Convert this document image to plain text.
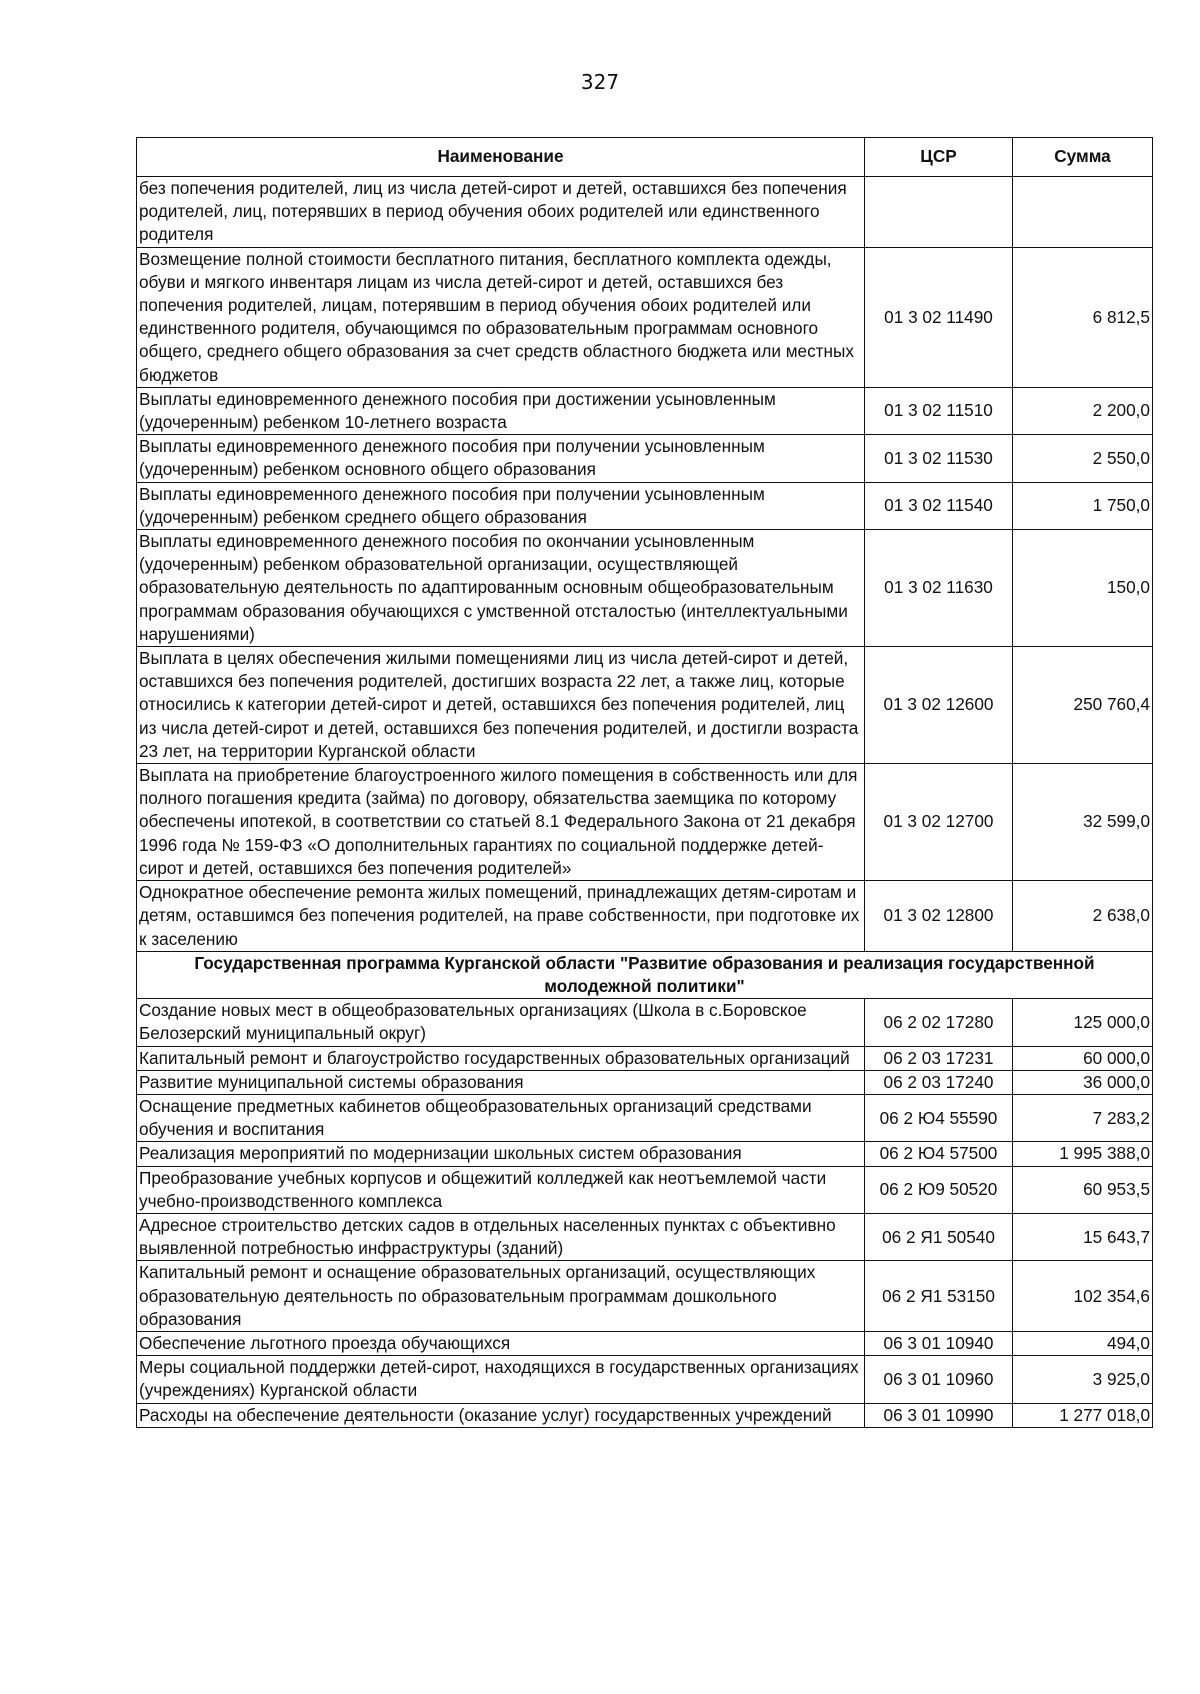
327
Наименование	ЦСР	Сумма
без попечения родителей, лиц из числа детей-сирот и детей, оставшихся без попечения родителей, лиц, потерявших в период обучения обоих родителей или единственного родителя		
Возмещение полной стоимости бесплатного питания, бесплатного комплекта одежды, обуви и мягкого инвентаря лицам из числа детей-сирот и детей, оставшихся без попечения родителей, лицам, потерявшим в период обучения обоих родителей или единственного родителя, обучающимся по образовательным программам основного общего, среднего общего образования за счет средств областного бюджета или местных бюджетов	01 3 02 11490	6 812,5
Выплаты единовременного денежного пособия при достижении усыновленным (удочеренным) ребенком 10-летнего возраста	01 3 02 11510	2 200,0
Выплаты единовременного денежного пособия при получении усыновленным (удочеренным) ребенком основного общего образования	01 3 02 11530	2 550,0
Выплаты единовременного денежного пособия при получении усыновленным (удочеренным) ребенком среднего общего образования	01 3 02 11540	1 750,0
Выплаты единовременного денежного пособия по окончании усыновленным (удочеренным) ребенком образовательной организации, осуществляющей образовательную деятельность по адаптированным основным общеобразовательным программам образования обучающихся с умственной отсталостью (интеллектуальными нарушениями)	01 3 02 11630	150,0
Выплата в целях обеспечения жилыми помещениями лиц из числа детей-сирот и детей, оставшихся без попечения родителей, достигших возраста 22 лет, а также лиц, которые относились к категории детей-сирот и детей, оставшихся без попечения родителей, лиц из числа детей-сирот и детей, оставшихся без попечения родителей, и достигли возраста 23 лет, на территории Курганской области	01 3 02 12600	250 760,4
Выплата на приобретение благоустроенного жилого помещения в собственность или для полного погашения кредита (займа) по договору, обязательства заемщика по которому обеспечены ипотекой, в соответствии со статьей 8.1 Федерального Закона от 21 декабря 1996 года № 159-ФЗ «О дополнительных гарантиях по социальной поддержке детей-сирот и детей, оставшихся без попечения родителей»	01 3 02 12700	32 599,0
Однократное обеспечение ремонта жилых помещений, принадлежащих детям-сиротам и детям, оставшимся без попечения родителей, на праве собственности, при подготовке их к заселению	01 3 02 12800	2 638,0
Государственная программа Курганской области "Развитие образования и реализация государственной молодежной политики"		
Создание новых мест в общеобразовательных организациях (Школа в с.Боровское Белозерский муниципальный округ)	06 2 02 17280	125 000,0
Капитальный ремонт и благоустройство государственных образовательных организаций	06 2 03 17231	60 000,0
Развитие муниципальной системы образования	06 2 03 17240	36 000,0
Оснащение предметных кабинетов общеобразовательных организаций средствами обучения и воспитания	06 2 Ю4 55590	7 283,2
Реализация мероприятий по модернизации школьных систем образования	06 2 Ю4 57500	1 995 388,0
Преобразование учебных корпусов и общежитий колледжей как неотъемлемой части учебно-производственного комплекса	06 2 Ю9 50520	60 953,5
Адресное строительство детских садов в отдельных населенных пунктах с объективно выявленной потребностью инфраструктуры (зданий)	06 2 Я1 50540	15 643,7
Капитальный ремонт и оснащение образовательных организаций, осуществляющих образовательную деятельность по образовательным программам дошкольного образования	06 2 Я1 53150	102 354,6
Обеспечение льготного проезда обучающихся	06 3 01 10940	494,0
Меры социальной поддержки детей-сирот, находящихся в государственных организациях (учреждениях) Курганской области	06 3 01 10960	3 925,0
Расходы на обеспечение деятельности (оказание услуг) государственных учреждений	06 3 01 10990	1 277 018,0
